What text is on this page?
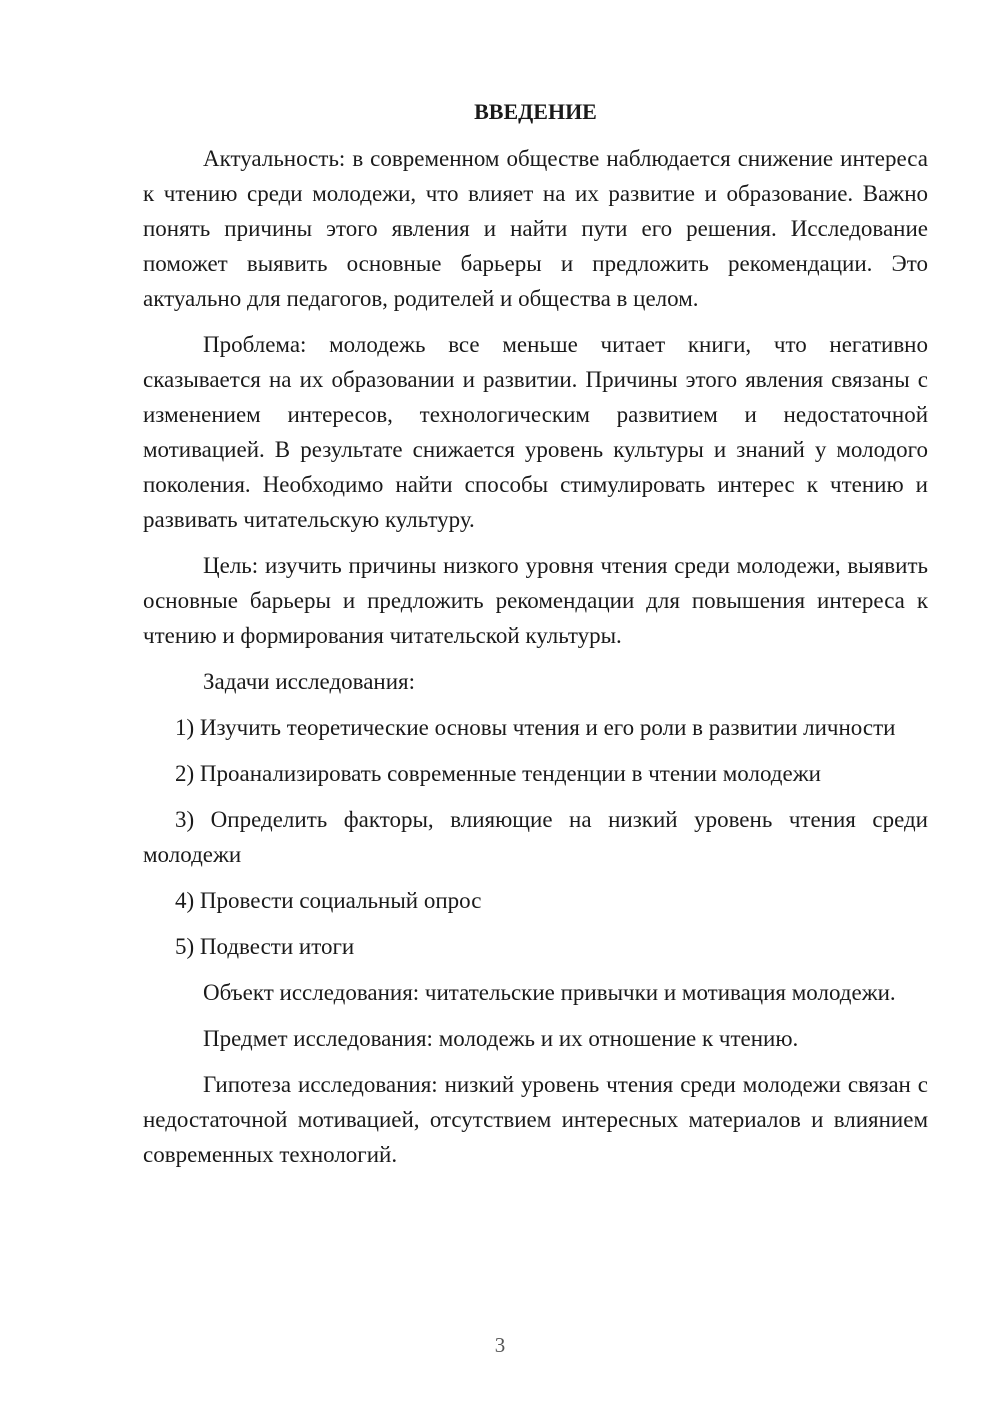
ВВЕДЕНИЕ

Актуальность: в современном обществе наблюдается снижение интереса к чтению среди молодежи, что влияет на их развитие и образование. Важно понять причины этого явления и найти пути его решения. Исследование поможет выявить основные барьеры и предложить рекомендации. Это актуально для педагогов, родителей и общества в целом.

Проблема: молодежь все меньше читает книги, что негативно сказывается на их образовании и развитии. Причины этого явления связаны с изменением интересов, технологическим развитием и недостаточной мотивацией. В результате снижается уровень культуры и знаний у молодого поколения. Необходимо найти способы стимулировать интерес к чтению и развивать читательскую культуру.

Цель: изучить причины низкого уровня чтения среди молодежи, выявить основные барьеры и предложить рекомендации для повышения интереса к чтению и формирования читательской культуры.

Задачи исследования:

1) Изучить теоретические основы чтения и его роли в развитии личности

2) Проанализировать современные тенденции в чтении молодежи

3) Определить факторы, влияющие на низкий уровень чтения среди молодежи

4) Провести социальный опрос

5) Подвести итоги

Объект исследования: читательские привычки и мотивация молодежи.

Предмет исследования: молодежь и их отношение к чтению.

Гипотеза исследования: низкий уровень чтения среди молодежи связан с недостаточной мотивацией, отсутствием интересных материалов и влиянием современных технологий.

3
